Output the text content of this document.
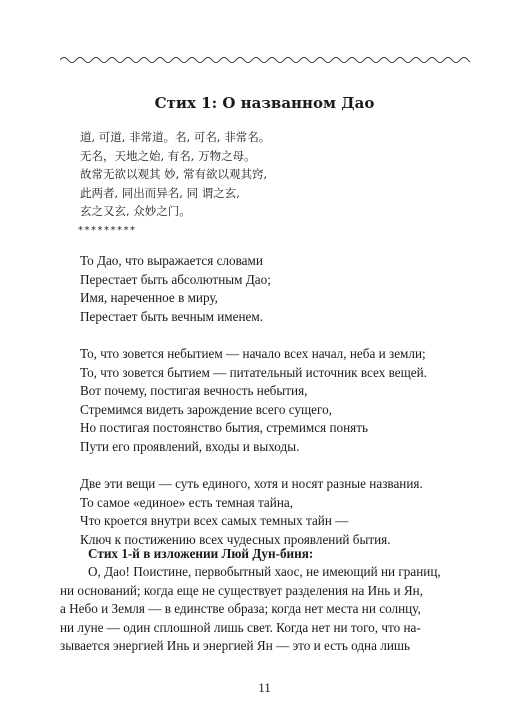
Стих 1: О названном Дао
道, 可道, 非常道。名, 可名, 非常名。
无名，天地之始, 有名, 万物之母。
故常无欲以观其 妙, 常有欲以观其窍,
此两者, 同出而异名, 同 谓之玄,
玄之又玄, 众妙之门。
*********
То Дао, что выражается словами
Перестает быть абсолютным Дао;
Имя, нареченное в миру,
Перестает быть вечным именем.
То, что зовется небытием — начало всех начал, неба и земли;
То, что зовется бытием — питательный источник всех вещей.
Вот почему, постигая вечность небытия,
Стремимся видеть зарождение всего сущего,
Но постигая постоянство бытия, стремимся понять
Пути его проявлений, входы и выходы.
Две эти вещи — суть единого, хотя и носят разные названия.
То самое «единое» есть темная тайна,
Что кроется внутри всех самых темных тайн —
Ключ к постижению всех чудесных проявлений бытия.
Стих 1-й в изложении Люй Дун-биня:
ни оснований; когда еще не существует разделения на Инь и Ян,
а Небо и Земля — в единстве образа; когда нет места ни солнцу,
ни луне — один сплошной лишь свет. Когда нет ни того, что на-
зывается энергией Инь и энергией Ян — это и есть одна лишь
О, Дао! Поистине, первобытный хаос, не имеющий ни границ,
11
